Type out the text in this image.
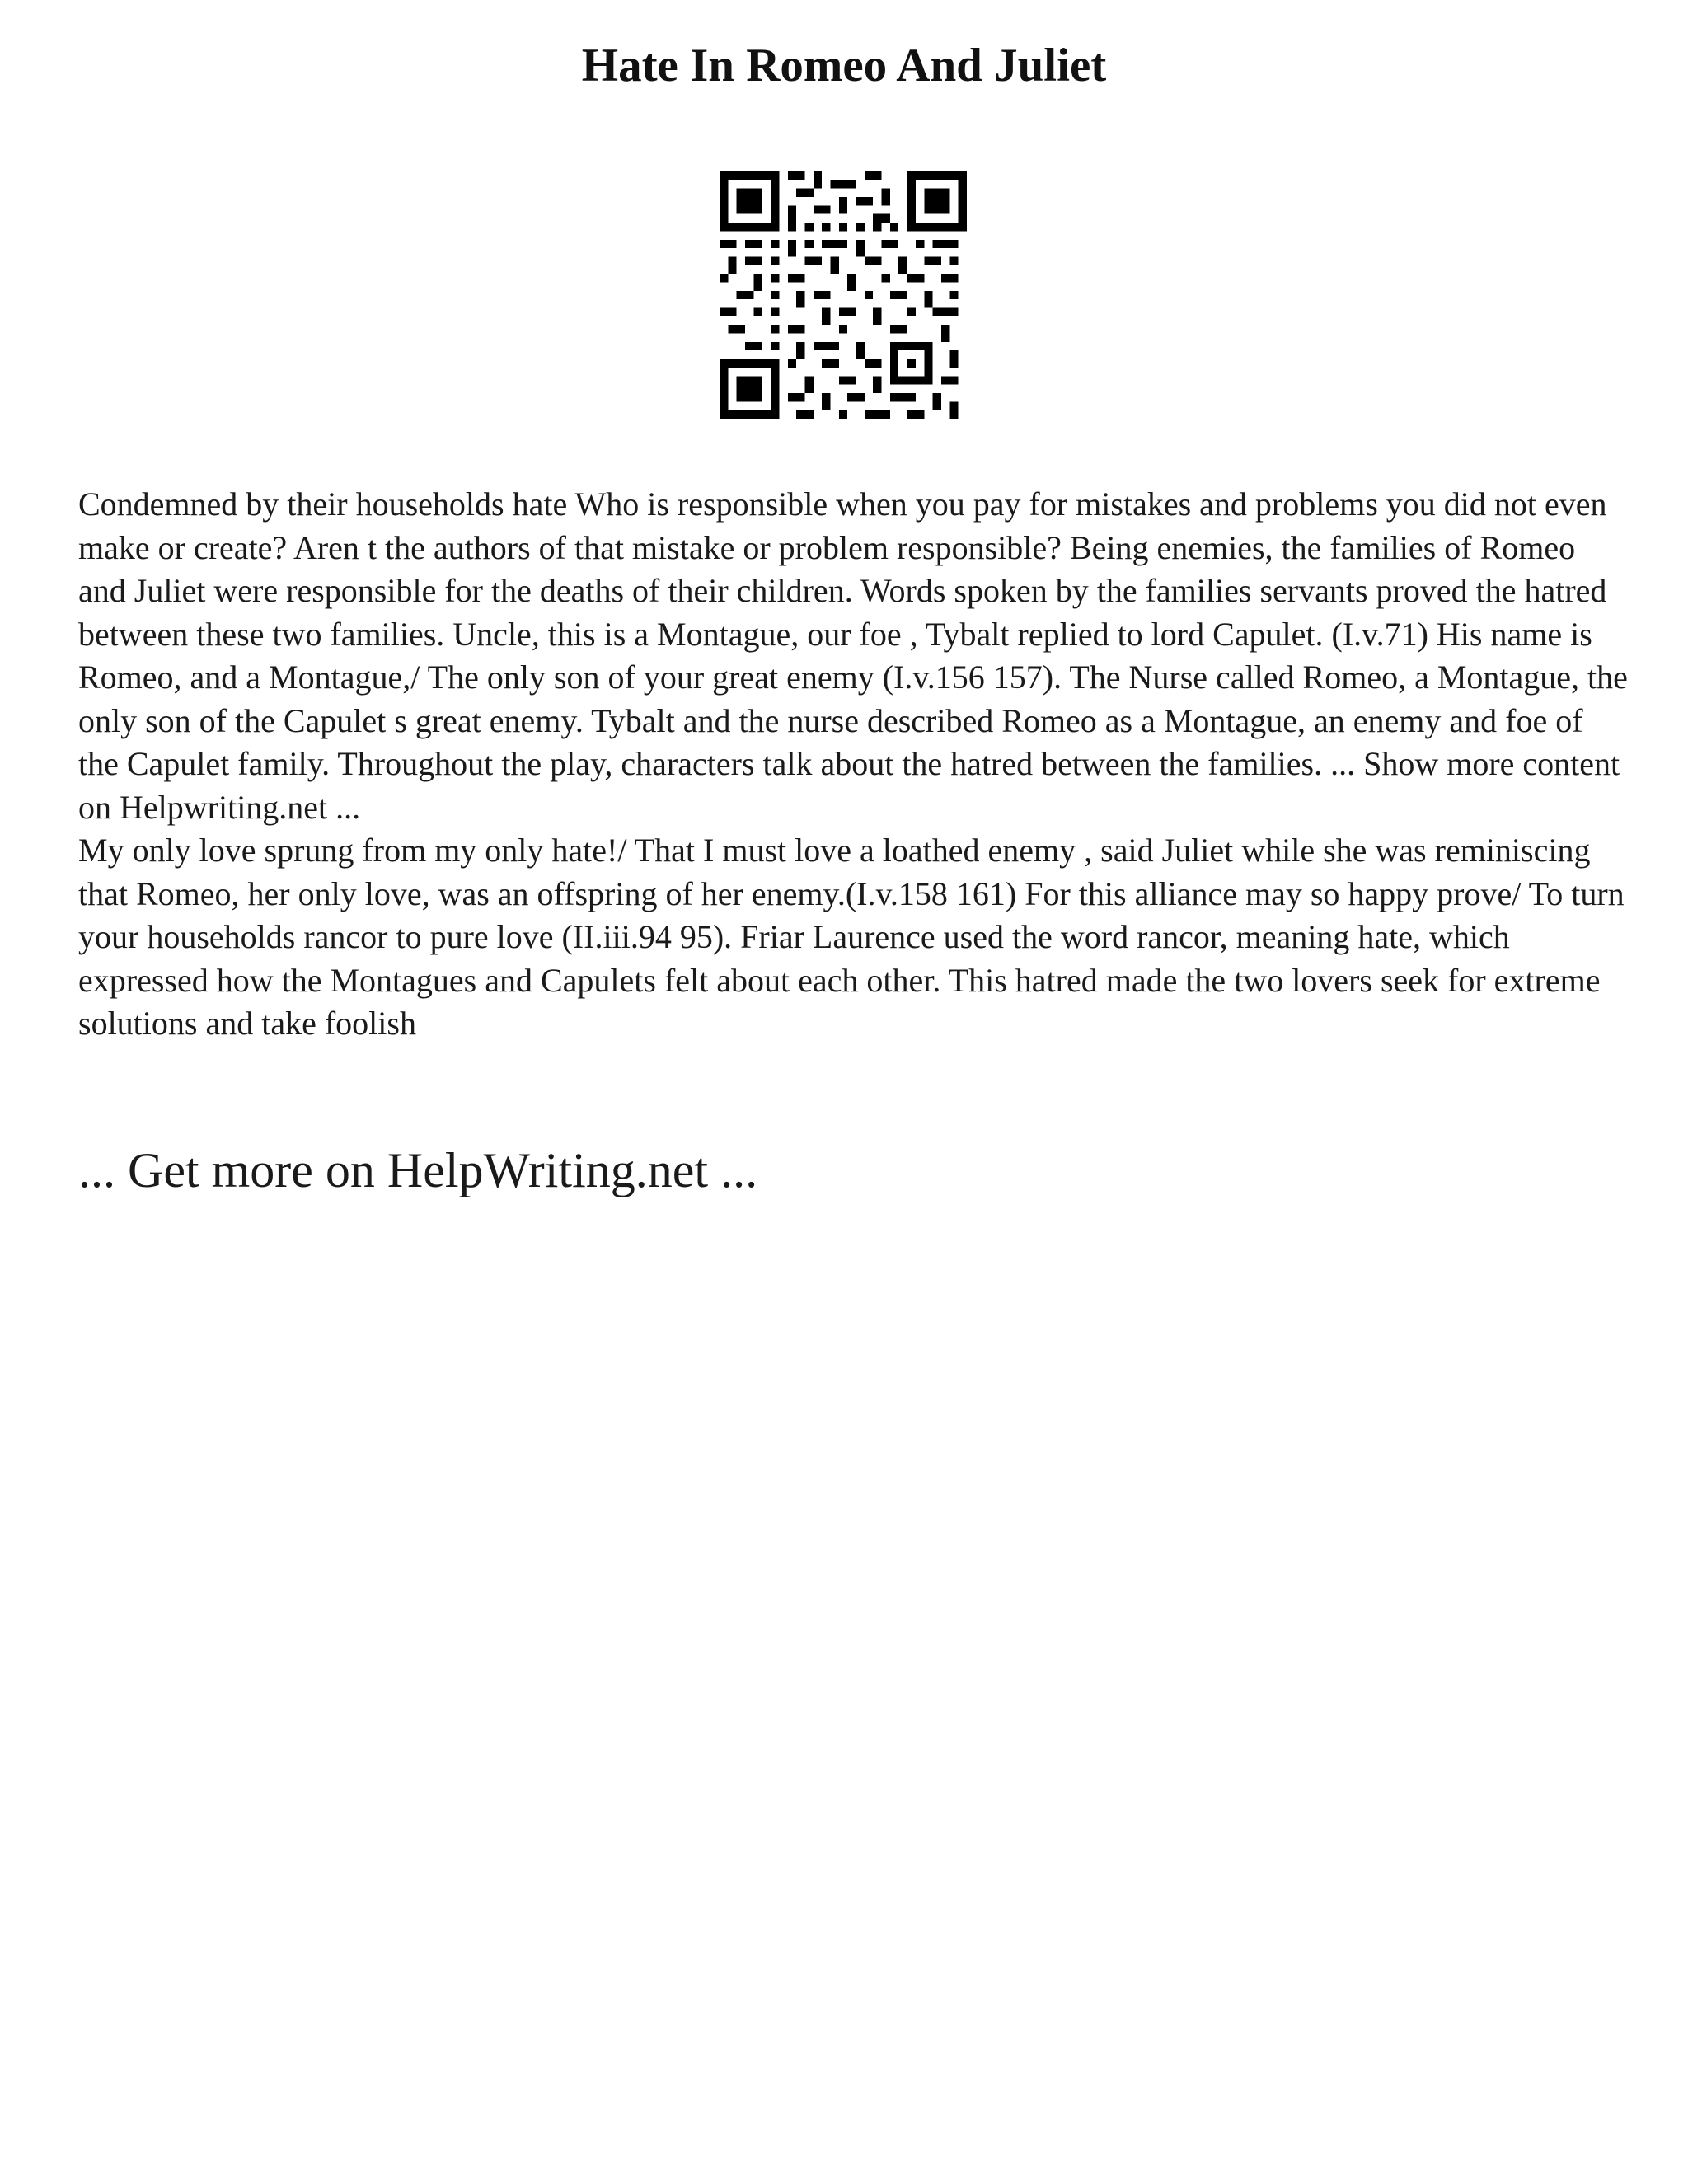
Hate In Romeo And Juliet

Condemned by their households hate Who is responsible when you pay for mistakes and problems you did not even make or create? Aren t the authors of that mistake or problem responsible? Being enemies, the families of Romeo and Juliet were responsible for the deaths of their children. Words spoken by the families servants proved the hatred between these two families. Uncle, this is a Montague, our foe , Tybalt replied to lord Capulet. (I.v.71) His name is Romeo, and a Montague,/ The only son of your great enemy (I.v.156 157). The Nurse called Romeo, a Montague, the only son of the Capulet s great enemy. Tybalt and the nurse described Romeo as a Montague, an enemy and foe of the Capulet family. Throughout the play, characters talk about the hatred between the families. ... Show more content on Helpwriting.net ...

My only love sprung from my only hate!/ That I must love a loathed enemy , said Juliet while she was reminiscing that Romeo, her only love, was an offspring of her enemy.(I.v.158 161) For this alliance may so happy prove/ To turn your households rancor to pure love (II.iii.94 95). Friar Laurence used the word rancor, meaning hate, which expressed how the Montagues and Capulets felt about each other. This hatred made the two lovers seek for extreme solutions and take foolish

... Get more on HelpWriting.net ...
